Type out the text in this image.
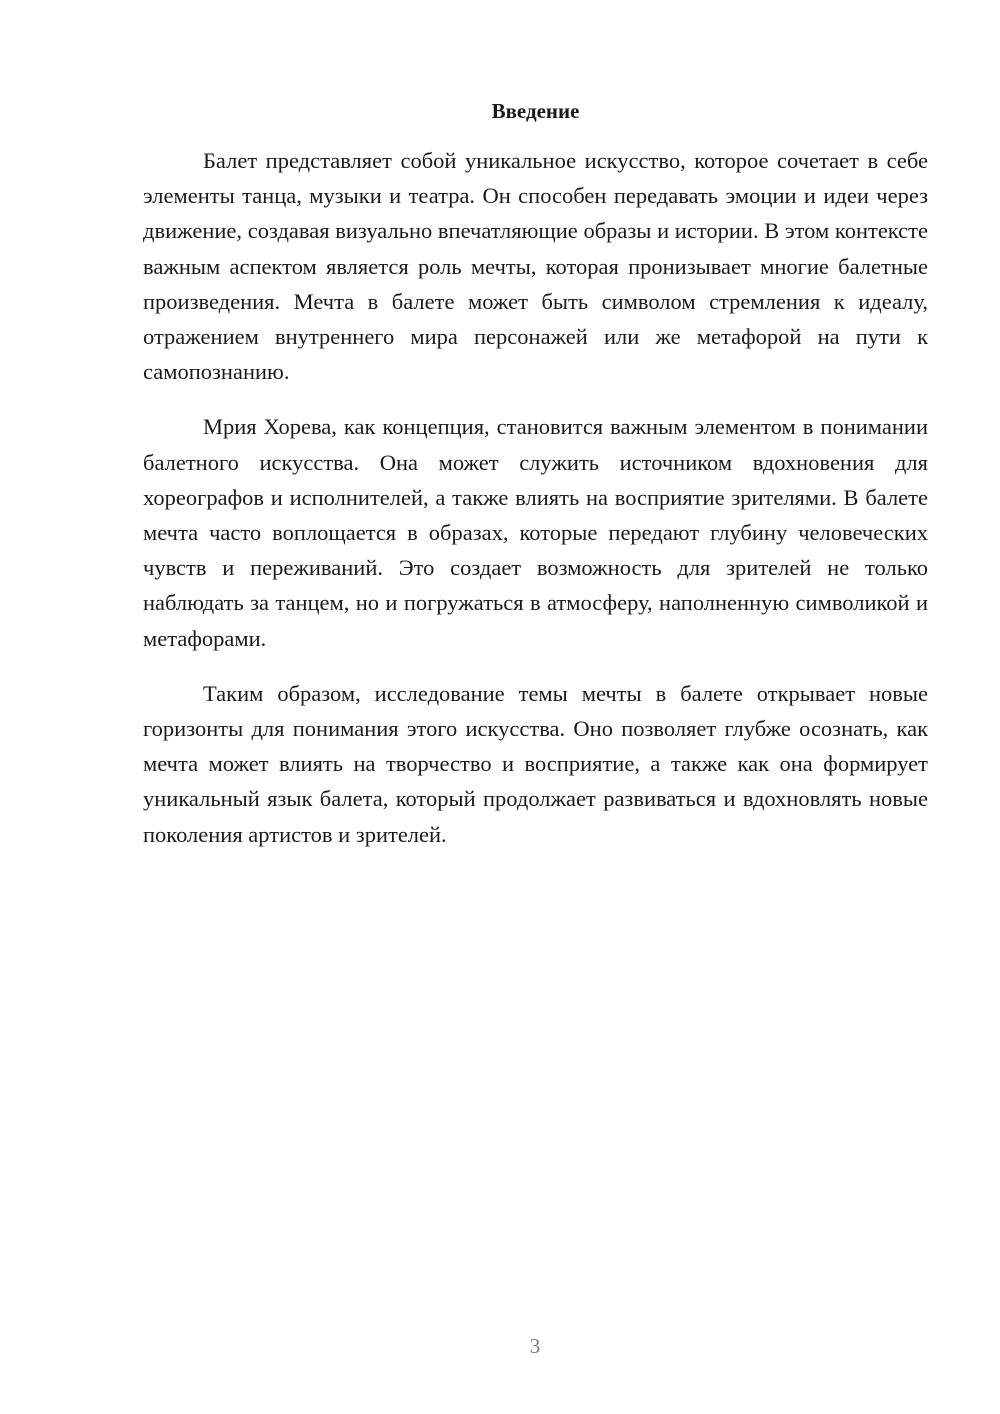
Введение

Балет представляет собой уникальное искусство, которое сочетает в себе элементы танца, музыки и театра. Он способен передавать эмоции и идеи через движение, создавая визуально впечатляющие образы и истории. В этом контексте важным аспектом является роль мечты, которая пронизывает многие балетные произведения. Мечта в балете может быть символом стремления к идеалу, отражением внутреннего мира персонажей или же метафорой на пути к самопознанию.

Мрия Хорева, как концепция, становится важным элементом в понимании балетного искусства. Она может служить источником вдохновения для хореографов и исполнителей, а также влиять на восприятие зрителями. В балете мечта часто воплощается в образах, которые передают глубину человеческих чувств и переживаний. Это создает возможность для зрителей не только наблюдать за танцем, но и погружаться в атмосферу, наполненную символикой и метафорами.

Таким образом, исследование темы мечты в балете открывает новые горизонты для понимания этого искусства. Оно позволяет глубже осознать, как мечта может влиять на творчество и восприятие, а также как она формирует уникальный язык балета, который продолжает развиваться и вдохновлять новые поколения артистов и зрителей.

3
